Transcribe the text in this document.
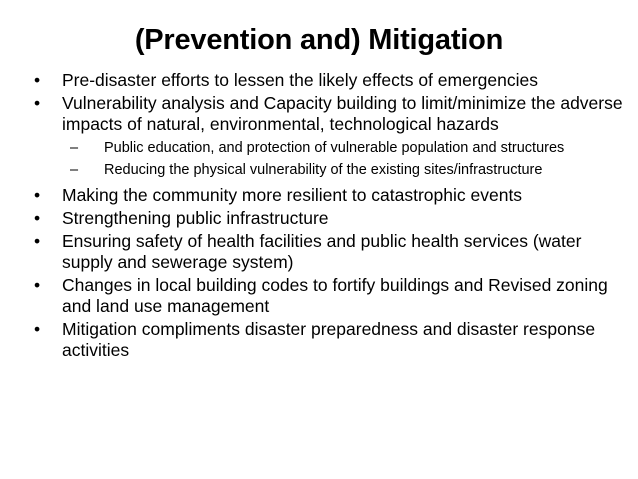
(Prevention and) Mitigation
•	Pre-disaster efforts to lessen the likely effects of emergencies
•	Vulnerability analysis and Capacity building to limit/minimize the adverse impacts of natural, environmental, technological hazards
– Public education, and protection of vulnerable population and structures
– Reducing the physical vulnerability of the existing sites/infrastructure
•	Making the community more resilient to catastrophic events
•	Strengthening public infrastructure
•	Ensuring safety of health facilities and public health services (water supply and sewerage system)
•	Changes in local building codes to fortify buildings and Revised zoning and land use management
•	Mitigation compliments disaster preparedness and disaster response activities
